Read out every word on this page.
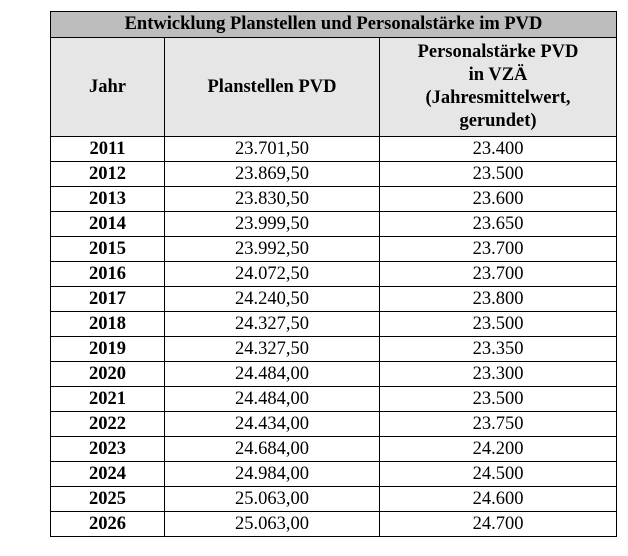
Entwicklung Planstellen und Personalstärke im PVD		
Jahr	Planstellen PVD	Personalstärke PVD
in VZÄ
(Jahresmittelwert,
gerundet)

2011	23.701,50	23.400
2012	23.869,50	23.500
2013	23.830,50	23.600
2014	23.999,50	23.650
2015	23.992,50	23.700
2016	24.072,50	23.700
2017	24.240,50	23.800
2018	24.327,50	23.500
2019	24.327,50	23.350
2020	24.484,00	23.300
2021	24.484,00	23.500
2022	24.434,00	23.750
2023	24.684,00	24.200
2024	24.984,00	24.500
2025	25.063,00	24.600
2026	25.063,00	24.700
